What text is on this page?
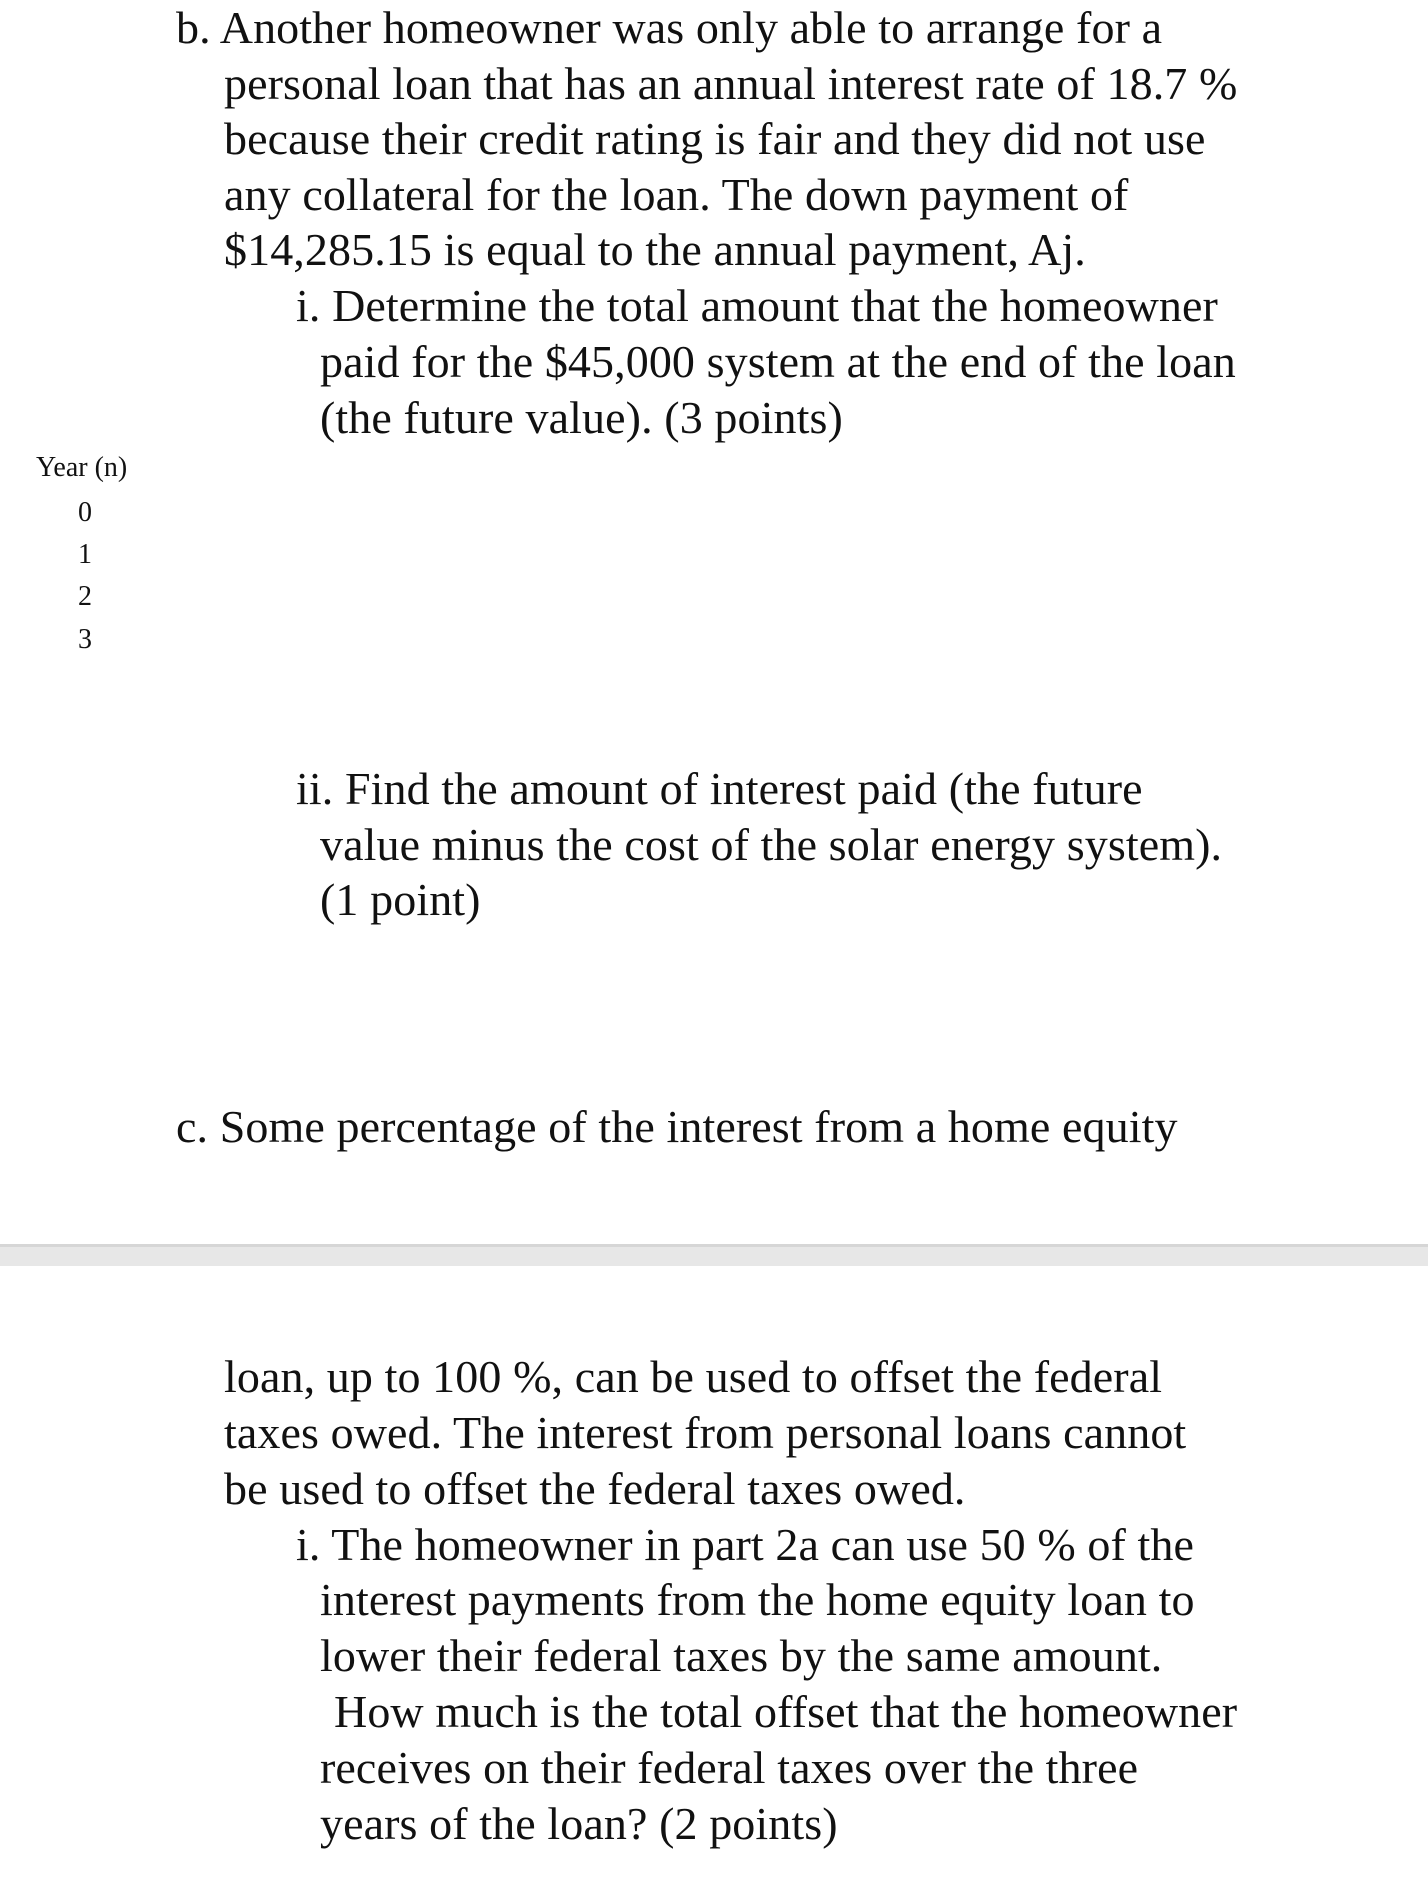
b. Another homeowner was only able to arrange for a
personal loan that has an annual interest rate of 18.7 %
because their credit rating is fair and they did not use
any collateral for the loan. The down payment of
$14,285.15 is equal to the annual payment, Aj.
i. Determine the total amount that the homeowner
paid for the $45,000 system at the end of the loan
(the future value). (3 points)
Year (n)
0
1
2
3
ii. Find the amount of interest paid (the future
value minus the cost of the solar energy system).
(1 point)
c. Some percentage of the interest from a home equity
loan, up to 100 %, can be used to offset the federal
taxes owed. The interest from personal loans cannot
be used to offset the federal taxes owed.
i. The homeowner in part 2a can use 50 % of the
interest payments from the home equity loan to
lower their federal taxes by the same amount.
How much is the total offset that the homeowner
receives on their federal taxes over the three
years of the loan? (2 points)
